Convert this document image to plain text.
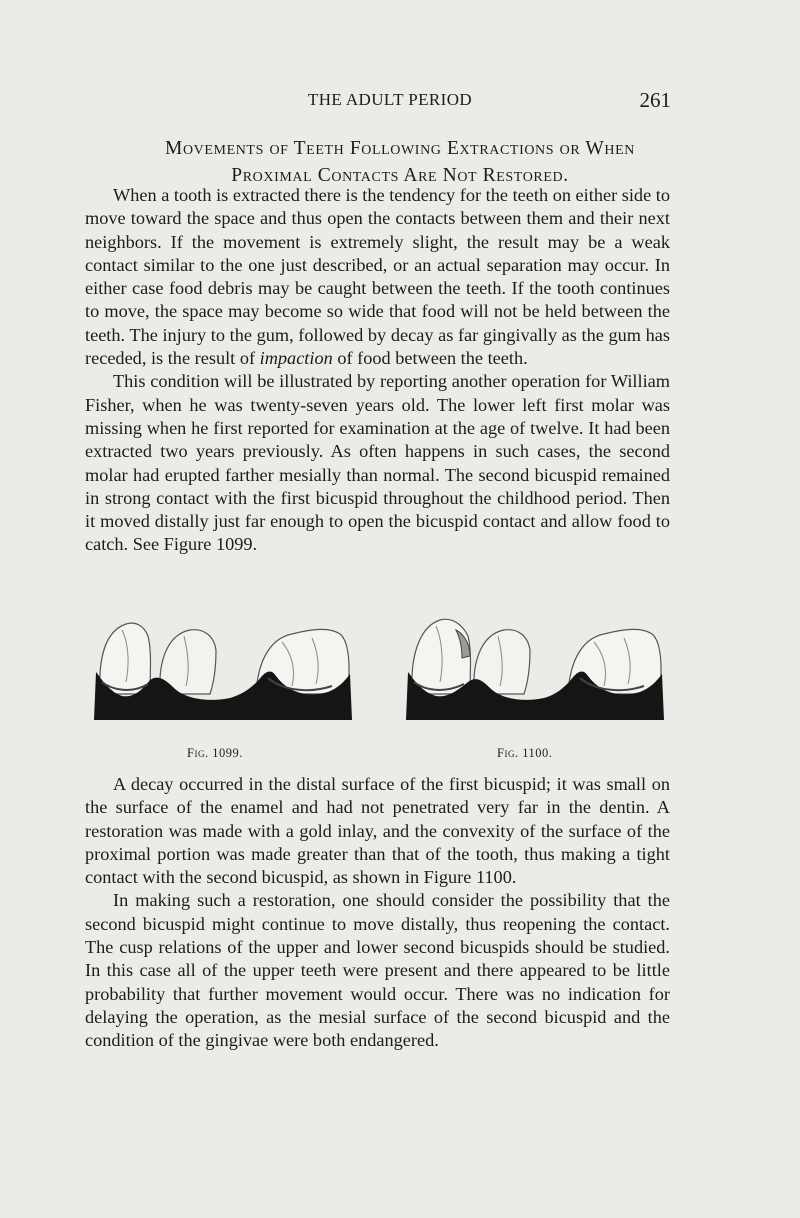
THE ADULT PERIOD	261
Movements of Teeth Following Extractions or When
Proximal Contacts Are Not Restored.

When a tooth is extracted there is the tendency for the teeth on either side to move toward the space and thus open the contacts between them and their next neighbors. If the movement is extremely slight, the result may be a weak contact similar to the one just described, or an actual separation may occur. In either case food debris may be caught between the teeth. If the tooth continues to move, the space may become so wide that food will not be held between the teeth. The injury to the gum, followed by decay as far gingivally as the gum has receded, is the result of impaction of food between the teeth.

This condition will be illustrated by reporting another operation for William Fisher, when he was twenty-seven years old. The lower left first molar was missing when he first reported for examination at the age of twelve. It had been extracted two years previously. As often happens in such cases, the second molar had erupted farther mesially than normal. The second bicuspid remained in strong contact with the first bicuspid throughout the childhood period. Then it moved distally just far enough to open the bicuspid contact and allow food to catch. See Figure 1099.

Fig. 1099.	Fig. 1100.

A decay occurred in the distal surface of the first bicuspid; it was small on the surface of the enamel and had not penetrated very far in the dentin. A restoration was made with a gold inlay, and the convexity of the surface of the proximal portion was made greater than that of the tooth, thus making a tight contact with the second bicuspid, as shown in Figure 1100.

In making such a restoration, one should consider the possibility that the second bicuspid might continue to move distally, thus reopening the contact. The cusp relations of the upper and lower second bicuspids should be studied. In this case all of the upper teeth were present and there appeared to be little probability that further movement would occur. There was no indication for delaying the operation, as the mesial surface of the second bicuspid and the condition of the gingivae were both endangered.
